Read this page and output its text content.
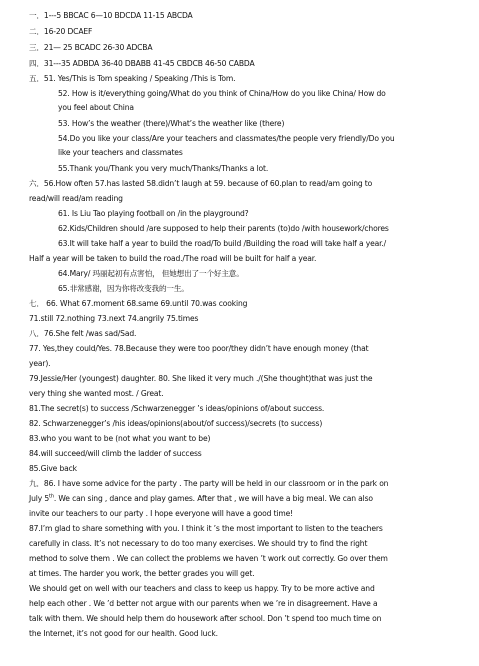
一．1---5 BBCAC 6—10 BDCDA 11-15 ABCDA
二．16-20 DCAEF
三．21— 25 BCADC 26-30 ADCBA
四．31---35 ADBDA 36-40 DBABB 41-45 CBDCB 46-50 CABDA
五．51. Yes/This is Tom speaking / Speaking /This is Tom.
52. How is it/everything going/What do you think of China/How do you like China/ How do
you feel about China
53. How’s the weather (there)/What’s the weather like (there)
54.Do you like your class/Are your teachers and classmates/the people very friendly/Do you
like your teachers and classmates
55.Thank you/Thank you very much/Thanks/Thanks a lot.
六．56.How often 57.has lasted 58.didn’t laugh at 59. because of 60.plan to read/am going to
read/will read/am reading
61. Is Liu Tao playing football on /in the playground?
62.Kids/Children should /are supposed to help their parents (to)do /with housework/chores
63.It will take half a year to build the road/To build /Building the road will take half a year./
Half a year will be taken to build the road./The road will be built for half a year.
64.Mary/ 玛丽起初有点害怕， 但她想出了一个好主意。
65.非常感谢，因为你将改变我的一生。
七． 66. What 67.moment 68.same 69.until 70.was cooking
71.still 72.nothing 73.next 74.angrily 75.times
八．76.She felt /was sad/Sad.
77. Yes,they could/Yes. 78.Because they were too poor/they didn’t have enough money (that
year).
79.Jessie/Her (youngest) daughter. 80. She liked it very much ./(She thought)that was just the
very thing she wanted most. / Great.
81.The secret(s) to success /Schwarzenegger ’s ideas/opinions of/about success.
82. Schwarzenegger’s /his ideas/opinions(about/of success)/secrets (to success)
83.who you want to be (not what you want to be)
84.will succeed/will climb the ladder of success
85.Give back
九．86. I have some advice for the party . The party will be held in our classroom or in the park on
July 5th. We can sing , dance and play games. After that , we will have a big meal. We can also
invite our teachers to our party . I hope everyone will have a good time!
87.I’m glad to share something with you. I think it ’s the most important to listen to the teachers
carefully in class. It’s not necessary to do too many exercises. We should try to find the right
method to solve them . We can collect the problems we haven ’t work out correctly. Go over them
at times. The harder you work, the better grades you will get.
We should get on well with our teachers and class to keep us happy. Try to be more active and
help each other . We ’d better not argue with our parents when we ’re in disagreement. Have a
talk with them. We should help them do housework after school. Don ’t spend too much time on
the Internet, it’s not good for our health. Good luck.
